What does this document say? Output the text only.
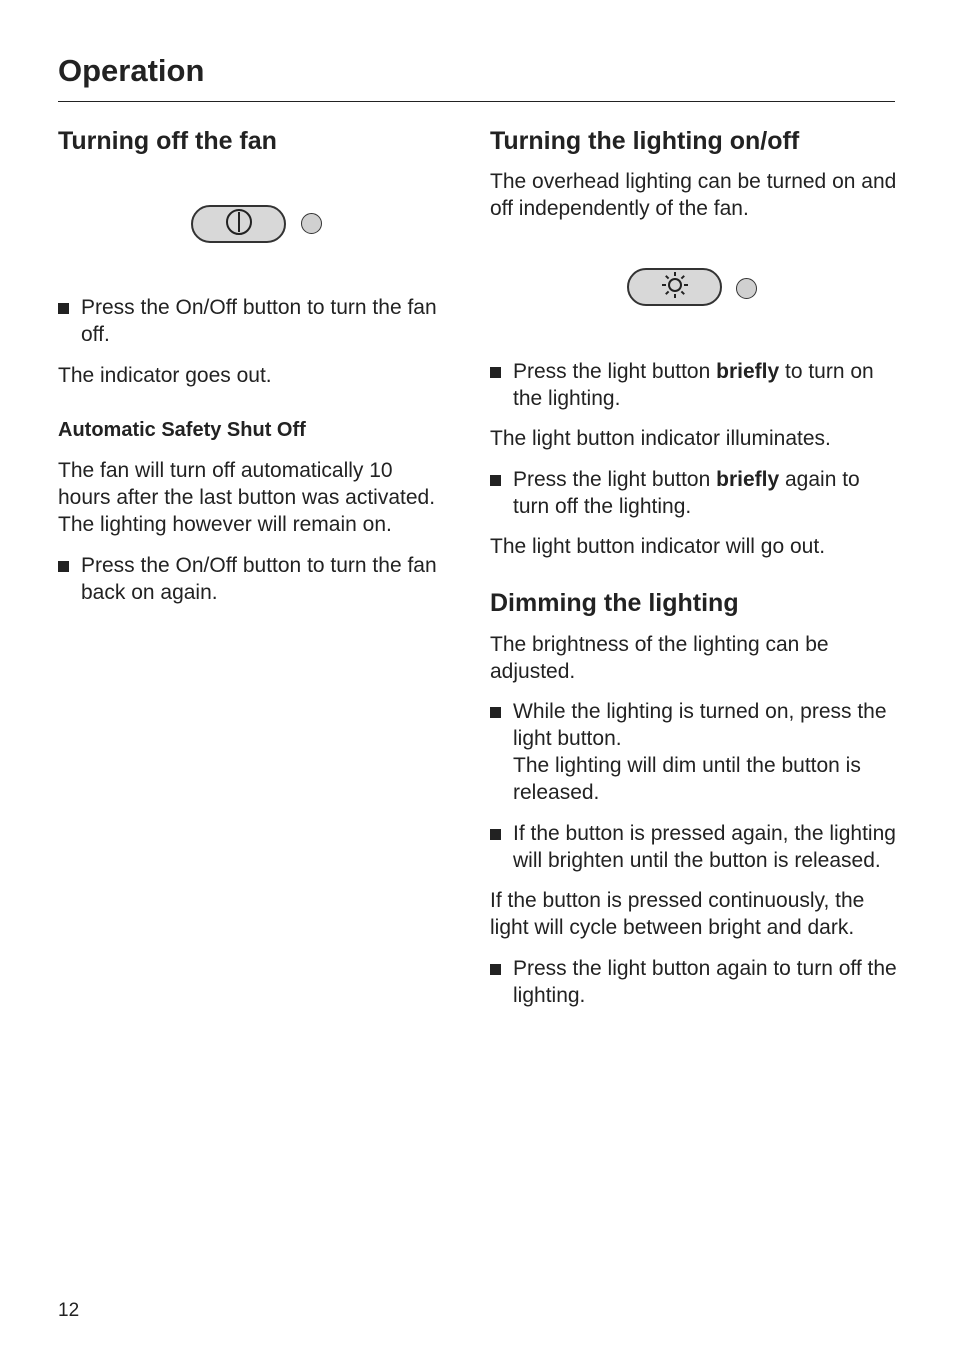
Operation
Turning off the fan
Press the On/Off button to turn the fan off.

The indicator goes out.

Automatic Safety Shut Off

The fan will turn off automatically 10 hours after the last button was activated. The lighting however will remain on.

Press the On/Off button to turn the fan back on again.
Turning the lighting on/off

The overhead lighting can be turned on and off independently of the fan.

Press the light button briefly to turn on the lighting.

The light button indicator illuminates.

Press the light button briefly again to turn off the lighting.

The light button indicator will go out.

Dimming the lighting

The brightness of the lighting can be adjusted.

While the lighting is turned on, press the light button.
The lighting will dim until the button is released.
If the button is pressed again, the lighting will brighten until the button is released.

If the button is pressed continuously, the light will cycle between bright and dark.

Press the light button again to turn off the lighting.
12
